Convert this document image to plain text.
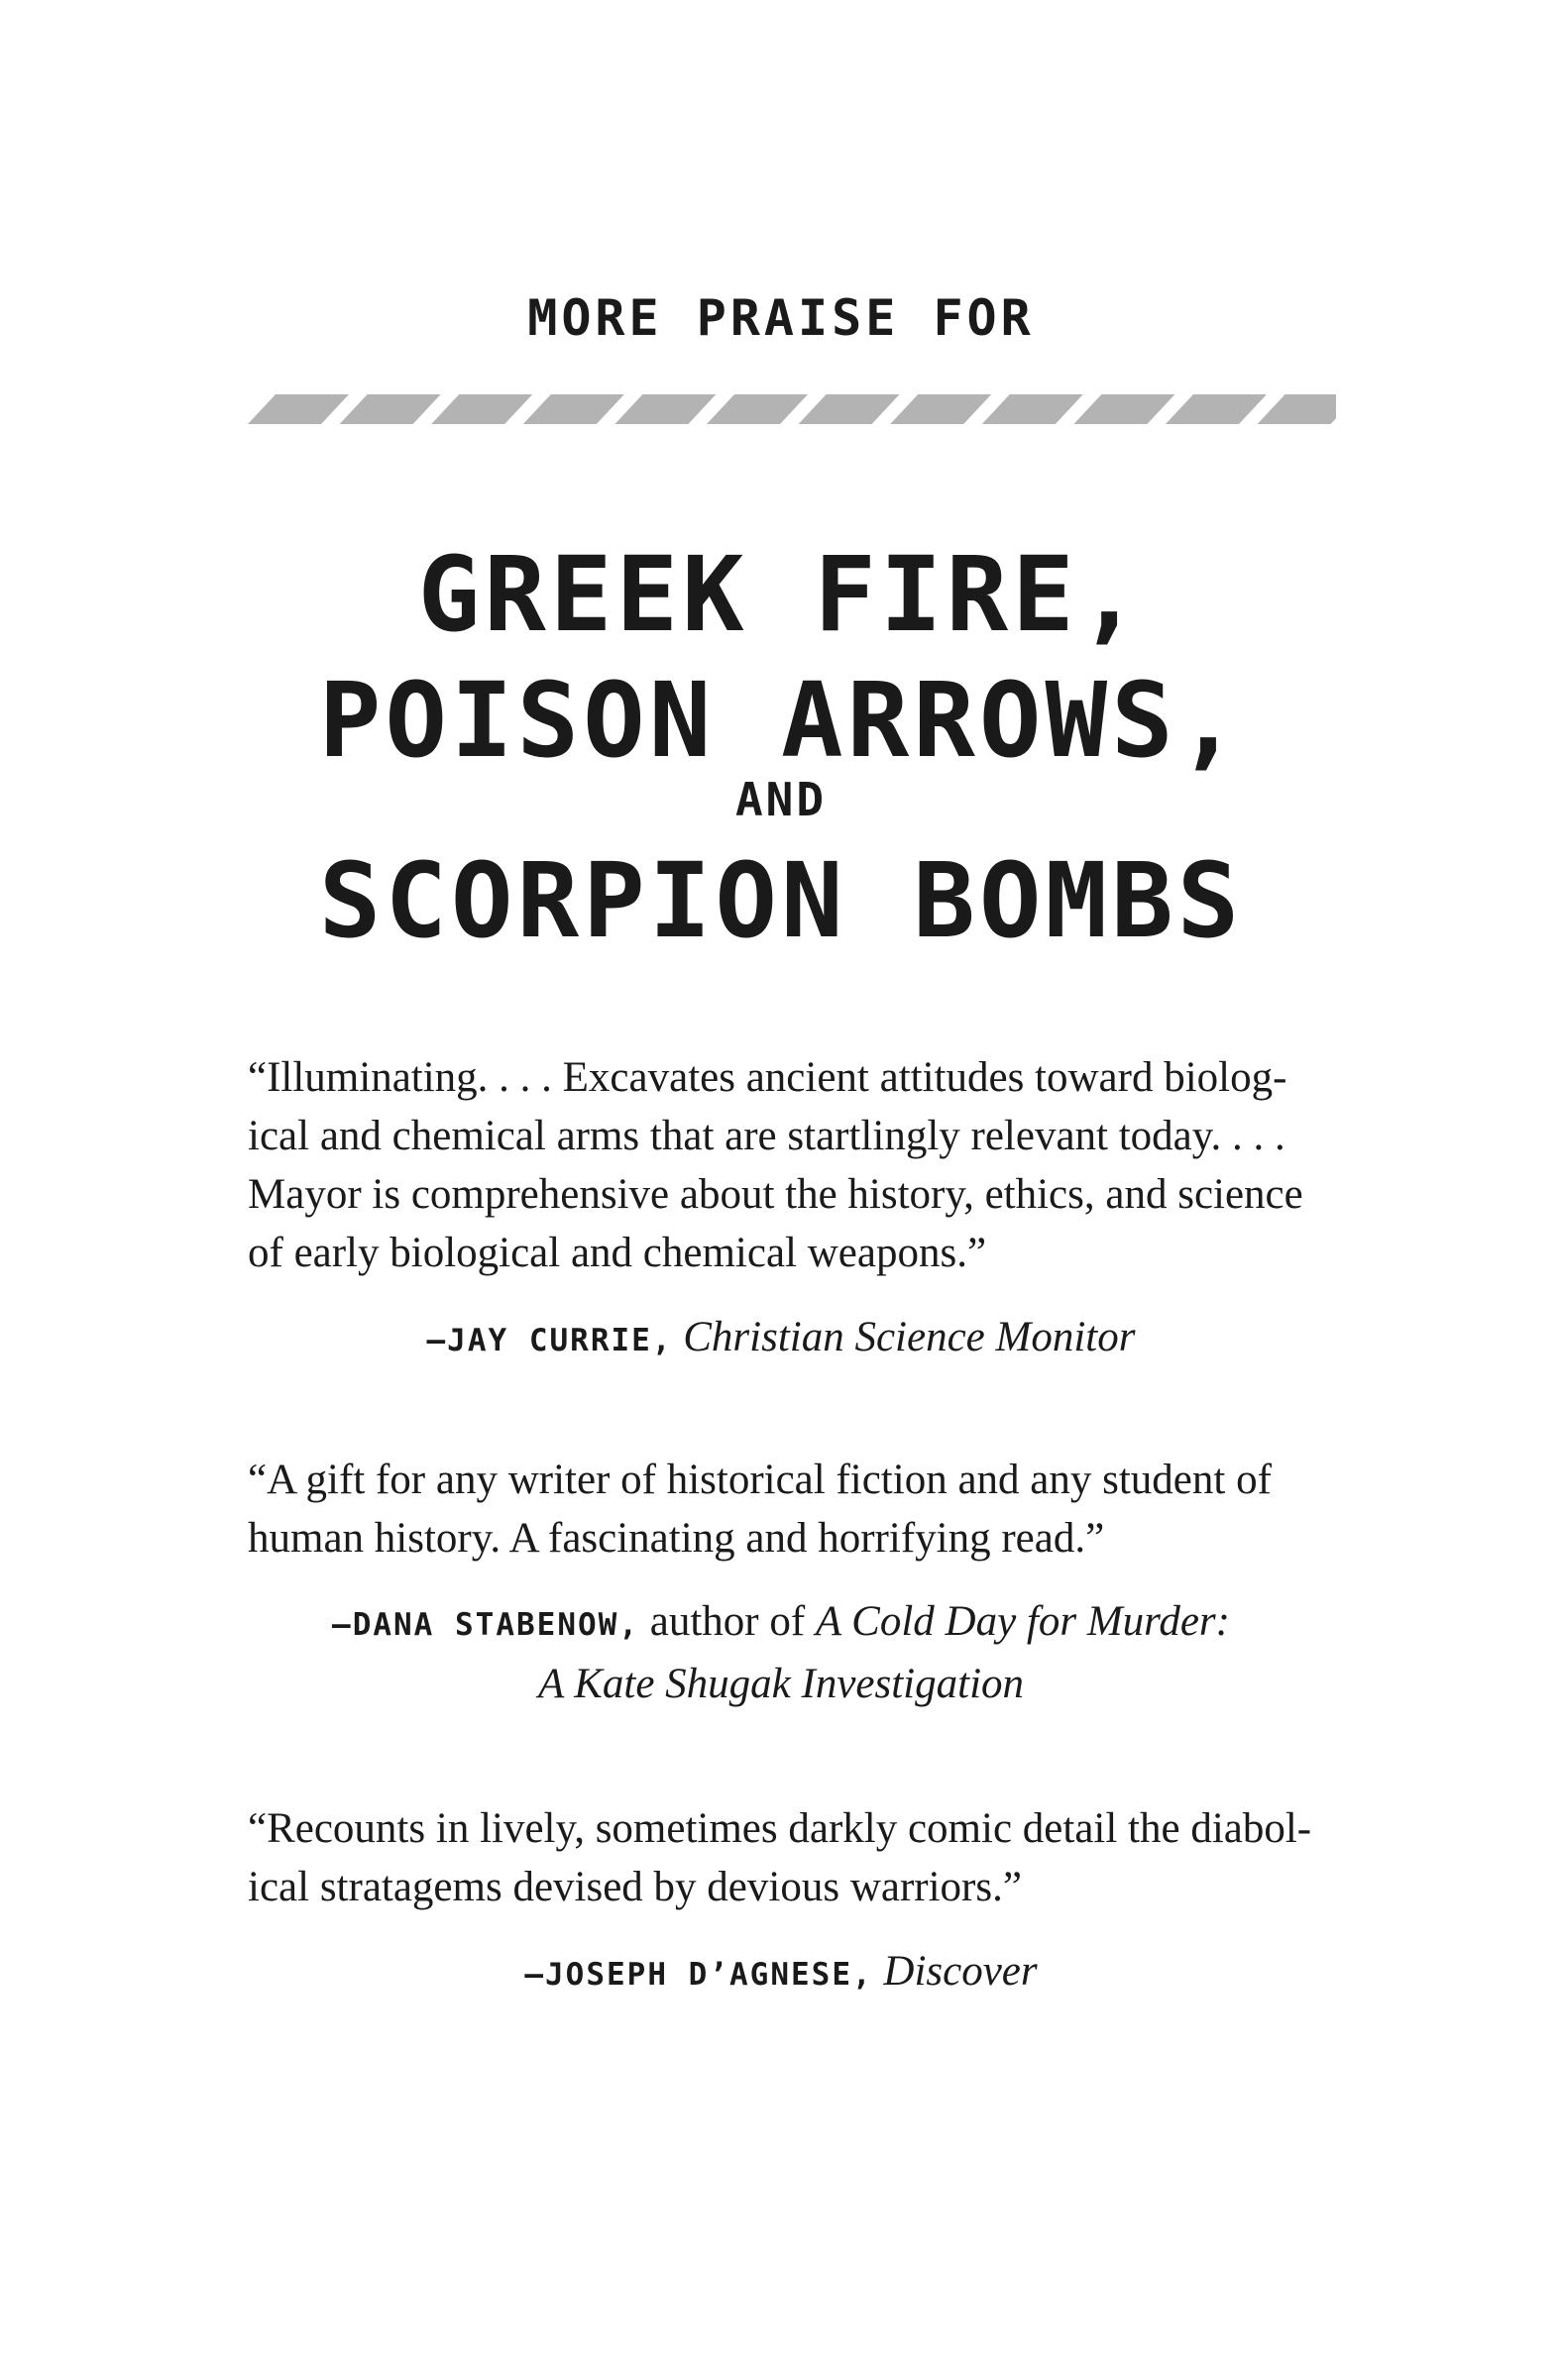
MORE PRAISE FOR
GREEK FIRE,
POISON ARROWS,
AND
SCORPION BOMBS
“Illuminating. . . . Excavates ancient attitudes toward biolog-
ical and chemical arms that are startlingly relevant today. . . .
Mayor is comprehensive about the history, ethics, and science
of early biological and chemical weapons.”
—JAY CURRIE, Christian Science Monitor
“A gift for any writer of historical fiction and any student of
human history. A fascinating and horrifying read.”
—DANA STABENOW, author of A Cold Day for Murder:
A Kate Shugak Investigation
“Recounts in lively, sometimes darkly comic detail the diabol-
ical stratagems devised by devious warriors.”
—JOSEPH D’AGNESE, Discover
